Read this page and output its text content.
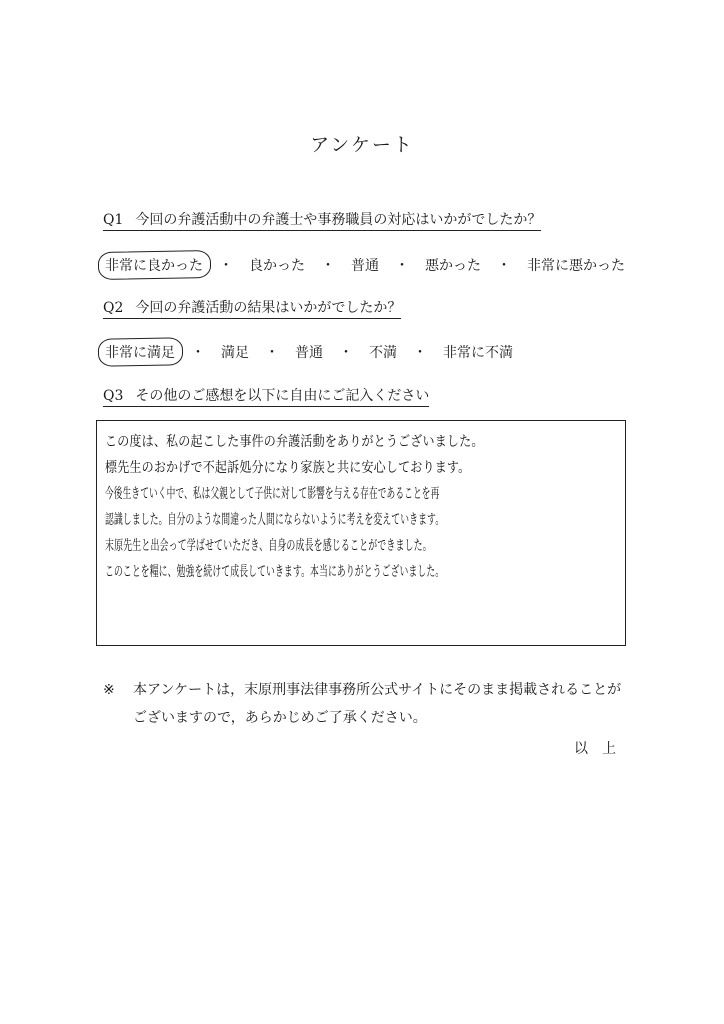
アンケート
Q1 今回の弁護活動中の弁護士や事務職員の対応はいかがでしたか？
非常に良かった ・ 良かった ・ 普通 ・ 悪かった ・ 非常に悪かった
Q2 今回の弁護活動の結果はいかがでしたか？
非常に満足 ・ 満足 ・ 普通 ・ 不満 ・ 非常に不満
Q3 その他のご感想を以下に自由にご記入ください
この度は、私の起こした事件の弁護活動をありがとうございました。
標先生のおかげで不起訴処分になり家族と共に安心しております。
今後生きていく中で、私は父親として子供に対して影響を与える存在であることを再
認識しました。自分のような間違った人間にならないように考えを変えていきます。
末原先生と出会って学ばせていただき、自身の成長を感じることができました。
このことを糧に、勉強を続けて成長していきます。本当にありがとうございました。
※	本アンケートは，末原刑事法律事務所公式サイトにそのまま掲載されることがございますので，あらかじめご了承ください。
以上
